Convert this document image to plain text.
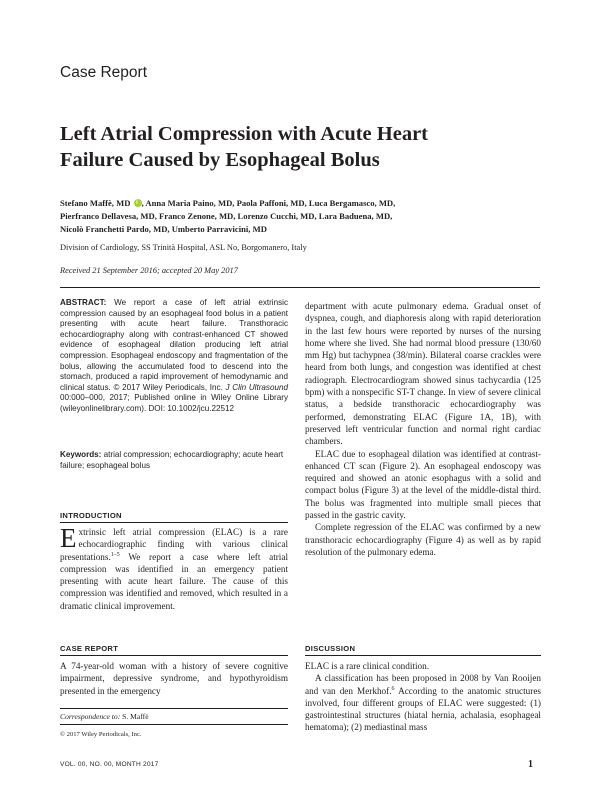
Case Report
Left Atrial Compression with Acute Heart
Failure Caused by Esophageal Bolus
Stefano Maffè, MD i , Anna Maria Paino, MD, Paola Paffoni, MD, Luca Bergamasco, MD,
Pierfranco Dellavesa, MD, Franco Zenone, MD, Lorenzo Cucchi, MD, Lara Baduena, MD,
Nicolò Franchetti Pardo, MD, Umberto Parravicini, MD
Division of Cardiology, SS Trinità Hospital, ASL No, Borgomanero, Italy
Received 21 September 2016; accepted 20 May 2017
ABSTRACT: We report a case of left atrial extrinsic compression caused by an esophageal food bolus in a patient presenting with acute heart failure. Transthoracic echocardiography along with contrast-enhanced CT showed evidence of esophageal dilation producing left atrial compression. Esophageal endoscopy and fragmentation of the bolus, allowing the accumulated food to descend into the stomach, produced a rapid improvement of hemodynamic and clinical status. © 2017 Wiley Periodicals, Inc. J Clin Ultrasound 00:000–000, 2017; Published online in Wiley Online Library (wileyonlinelibrary.com). DOI: 10.1002/jcu.22512
Keywords: atrial compression; echocardiography; acute heart failure; esophageal bolus
INTRODUCTION

Extrinsic left atrial compression (ELAC) is a rare echocardiographic finding with various clinical presentations.$^{1-5}$ We report a case where left atrial compression was identified in an emergency patient presenting with acute heart failure. The cause of this compression was identified and removed, which resulted in a dramatic clinical improvement.

CASE REPORT

A 74-year-old woman with a history of severe cognitive impairment, depressive syndrome, and hypothyroidism presented in the emergency

department with acute pulmonary edema. Gradual onset of dyspnea, cough, and diaphoresis along with rapid deterioration in the last few hours were reported by nurses of the nursing home where she lived. She had normal blood pressure (130/60 mm Hg) but tachypnea (38/min). Bilateral coarse crackles were heard from both lungs, and congestion was identified at chest radiograph. Electrocardiogram showed sinus tachycardia (125 bpm) with a nonspecific ST-T change. In view of severe clinical status, a bedside transthoracic echocardiography was performed, demonstrating ELAC (Figure 1A, 1B), with preserved left ventricular function and normal right cardiac chambers.

ELAC due to esophageal dilation was identified at contrast-enhanced CT scan (Figure 2). An esophageal endoscopy was required and showed an atonic esophagus with a solid and compact bolus (Figure 3) at the level of the middle-distal third. The bolus was fragmented into multiple small pieces that passed in the gastric cavity.

Complete regression of the ELAC was confirmed by a new transthoracic echocardiography (Figure 4) as well as by rapid resolution of the pulmonary edema.

DISCUSSION

ELAC is a rare clinical condition.

A classification has been proposed in 2008 by Van Rooijen and van den Merkhof.$^6$ According to the anatomic structures involved, four different groups of ELAC were suggested: (1) gastrointestinal structures (hiatal hernia, achalasia, esophageal hematoma); (2) mediastinal mass

Correspondence to: S. Maffè
© 2017 Wiley Periodicals, Inc.
VOL. 00, NO. 00, MONTH 2017	1
